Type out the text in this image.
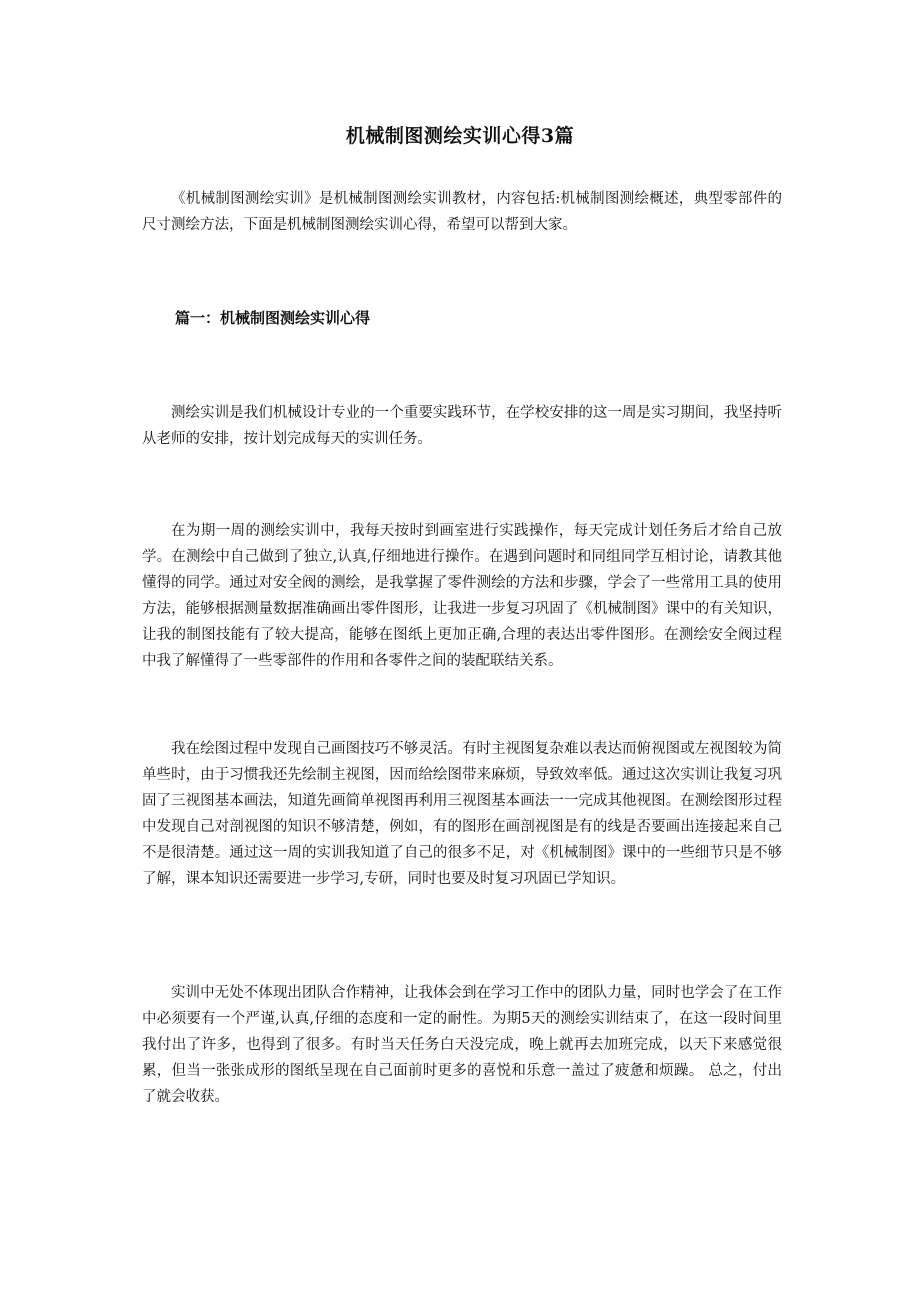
机械制图测绘实训心得3篇

《机械制图测绘实训》是机械制图测绘实训教材，内容包括:机械制图测绘概述，典型零部件的尺寸测绘方法，下面是机械制图测绘实训心得，希望可以帮到大家。

篇一：机械制图测绘实训心得

测绘实训是我们机械设计专业的一个重要实践环节，在学校安排的这一周是实习期间，我坚持听从老师的安排，按计划完成每天的实训任务。

在为期一周的测绘实训中，我每天按时到画室进行实践操作，每天完成计划任务后才给自己放学。在测绘中自己做到了独立,认真,仔细地进行操作。在遇到问题时和同组同学互相讨论，请教其他懂得的同学。通过对安全阀的测绘，是我掌握了零件测绘的方法和步骤，学会了一些常用工具的使用方法，能够根据测量数据准确画出零件图形，让我进一步复习巩固了《机械制图》课中的有关知识，让我的制图技能有了较大提高，能够在图纸上更加正确,合理的表达出零件图形。在测绘安全阀过程中我了解懂得了一些零部件的作用和各零件之间的装配联结关系。

我在绘图过程中发现自己画图技巧不够灵活。有时主视图复杂难以表达而俯视图或左视图较为简单些时，由于习惯我还先绘制主视图，因而给绘图带来麻烦，导致效率低。通过这次实训让我复习巩固了三视图基本画法，知道先画简单视图再利用三视图基本画法一一完成其他视图。在测绘图形过程中发现自己对剖视图的知识不够清楚，例如，有的图形在画剖视图是有的线是否要画出连接起来自己不是很清楚。通过这一周的实训我知道了自己的很多不足，对《机械制图》课中的一些细节只是不够了解，课本知识还需要进一步学习,专研，同时也要及时复习巩固已学知识。

实训中无处不体现出团队合作精神，让我体会到在学习工作中的团队力量，同时也学会了在工作中必须要有一个严谨,认真,仔细的态度和一定的耐性。为期5天的测绘实训结束了，在这一段时间里我付出了许多，也得到了很多。有时当天任务白天没完成，晚上就再去加班完成，以天下来感觉很累，但当一张张成形的图纸呈现在自己面前时更多的喜悦和乐意一盖过了疲惫和烦躁。 总之，付出了就会收获。
